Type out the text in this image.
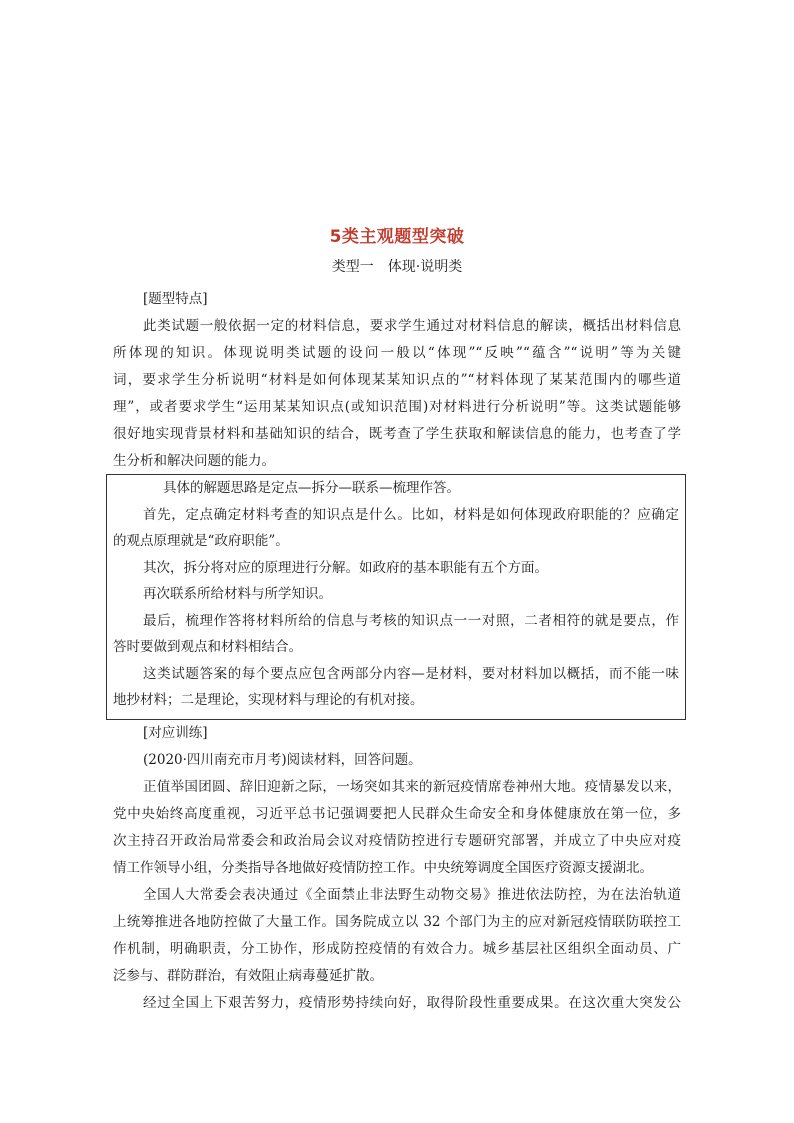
5类主观题型突破
类型一　体现·说明类
[题型特点]
此类试题一般依据一定的材料信息，要求学生通过对材料信息的解读，概括出材料信息
所体现的知识。体现说明类试题的设问一般以“体现”“反映”“蕴含”“说明”等为关键
词，要求学生分析说明“材料是如何体现某某知识点的”“材料体现了某某范围内的哪些道
理”，或者要求学生“运用某某知识点(或知识范围)对材料进行分析说明”等。这类试题能够
很好地实现背景材料和基础知识的结合，既考查了学生获取和解读信息的能力，也考查了学
生分析和解决问题的能力。
具体的解题思路是定点—拆分—联系—梳理作答。
首先，定点确定材料考查的知识点是什么。比如，材料是如何体现政府职能的？应确定
的观点原理就是“政府职能”。
其次，拆分将对应的原理进行分解。如政府的基本职能有五个方面。
再次联系所给材料与所学知识。
最后，梳理作答将材料所给的信息与考核的知识点一一对照，二者相符的就是要点，作
答时要做到观点和材料相结合。
这类试题答案的每个要点应包含两部分内容—是材料，要对材料加以概括，而不能一味
地抄材料；二是理论，实现材料与理论的有机对接。
[对应训练]
(2020·四川南充市月考)阅读材料，回答问题。
正值举国团圆、辞旧迎新之际，一场突如其来的新冠疫情席卷神州大地。疫情暴发以来，
党中央始终高度重视，习近平总书记强调要把人民群众生命安全和身体健康放在第一位，多
次主持召开政治局常委会和政治局会议对疫情防控进行专题研究部署，并成立了中央应对疫
情工作领导小组，分类指导各地做好疫情防控工作。中央统筹调度全国医疗资源支援湖北。
全国人大常委会表决通过《全面禁止非法野生动物交易》推进依法防控，为在法治轨道
上统筹推进各地防控做了大量工作。国务院成立以 32 个部门为主的应对新冠疫情联防联控工
作机制，明确职责，分工协作，形成防控疫情的有效合力。城乡基层社区组织全面动员、广
泛参与、群防群治，有效阻止病毒蔓延扩散。
经过全国上下艰苦努力，疫情形势持续向好，取得阶段性重要成果。在这次重大突发公
